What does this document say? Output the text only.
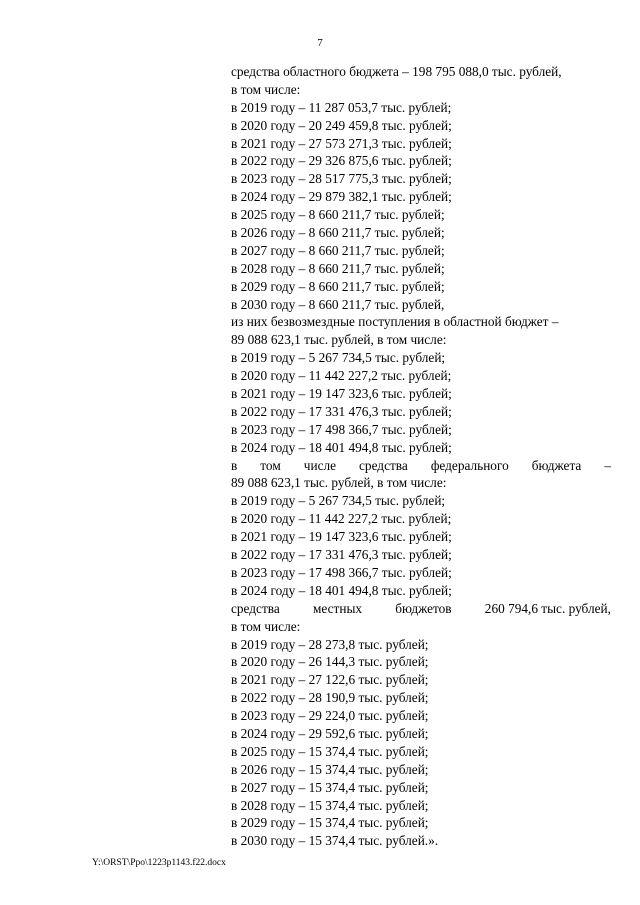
7
средства областного бюджета – 198 795 088,0 тыс. рублей,
в том числе:
в 2019 году – 11 287 053,7 тыс. рублей;
в 2020 году – 20 249 459,8 тыс. рублей;
в 2021 году – 27 573 271,3 тыс. рублей;
в 2022 году – 29 326 875,6 тыс. рублей;
в 2023 году – 28 517 775,3 тыс. рублей;
в 2024 году – 29 879 382,1 тыс. рублей;
в 2025 году – 8 660 211,7 тыс. рублей;
в 2026 году – 8 660 211,7 тыс. рублей;
в 2027 году – 8 660 211,7 тыс. рублей;
в 2028 году – 8 660 211,7 тыс. рублей;
в 2029 году – 8 660 211,7 тыс. рублей;
в 2030 году – 8 660 211,7 тыс. рублей,
из них безвозмездные поступления в областной бюджет –
89 088 623,1 тыс. рублей, в том числе:
в 2019 году – 5 267 734,5 тыс. рублей;
в 2020 году – 11 442 227,2 тыс. рублей;
в 2021 году – 19 147 323,6 тыс. рублей;
в 2022 году – 17 331 476,3 тыс. рублей;
в 2023 году – 17 498 366,7 тыс. рублей;
в 2024 году – 18 401 494,8 тыс. рублей;
в том числе средства федерального бюджета –
89 088 623,1 тыс. рублей, в том числе:
в 2019 году – 5 267 734,5 тыс. рублей;
в 2020 году – 11 442 227,2 тыс. рублей;
в 2021 году – 19 147 323,6 тыс. рублей;
в 2022 году – 17 331 476,3 тыс. рублей;
в 2023 году – 17 498 366,7 тыс. рублей;
в 2024 году – 18 401 494,8 тыс. рублей;
средства местных бюджетов 260 794,6 тыс. рублей,
в том числе:
в 2019 году – 28 273,8 тыс. рублей;
в 2020 году – 26 144,3 тыс. рублей;
в 2021 году – 27 122,6 тыс. рублей;
в 2022 году – 28 190,9 тыс. рублей;
в 2023 году – 29 224,0 тыс. рублей;
в 2024 году – 29 592,6 тыс. рублей;
в 2025 году – 15 374,4 тыс. рублей;
в 2026 году – 15 374,4 тыс. рублей;
в 2027 году – 15 374,4 тыс. рублей;
в 2028 году – 15 374,4 тыс. рублей;
в 2029 году – 15 374,4 тыс. рублей;
в 2030 году – 15 374,4 тыс. рублей.».
Y:\ORST\Ppo\1223p1143.f22.docx
